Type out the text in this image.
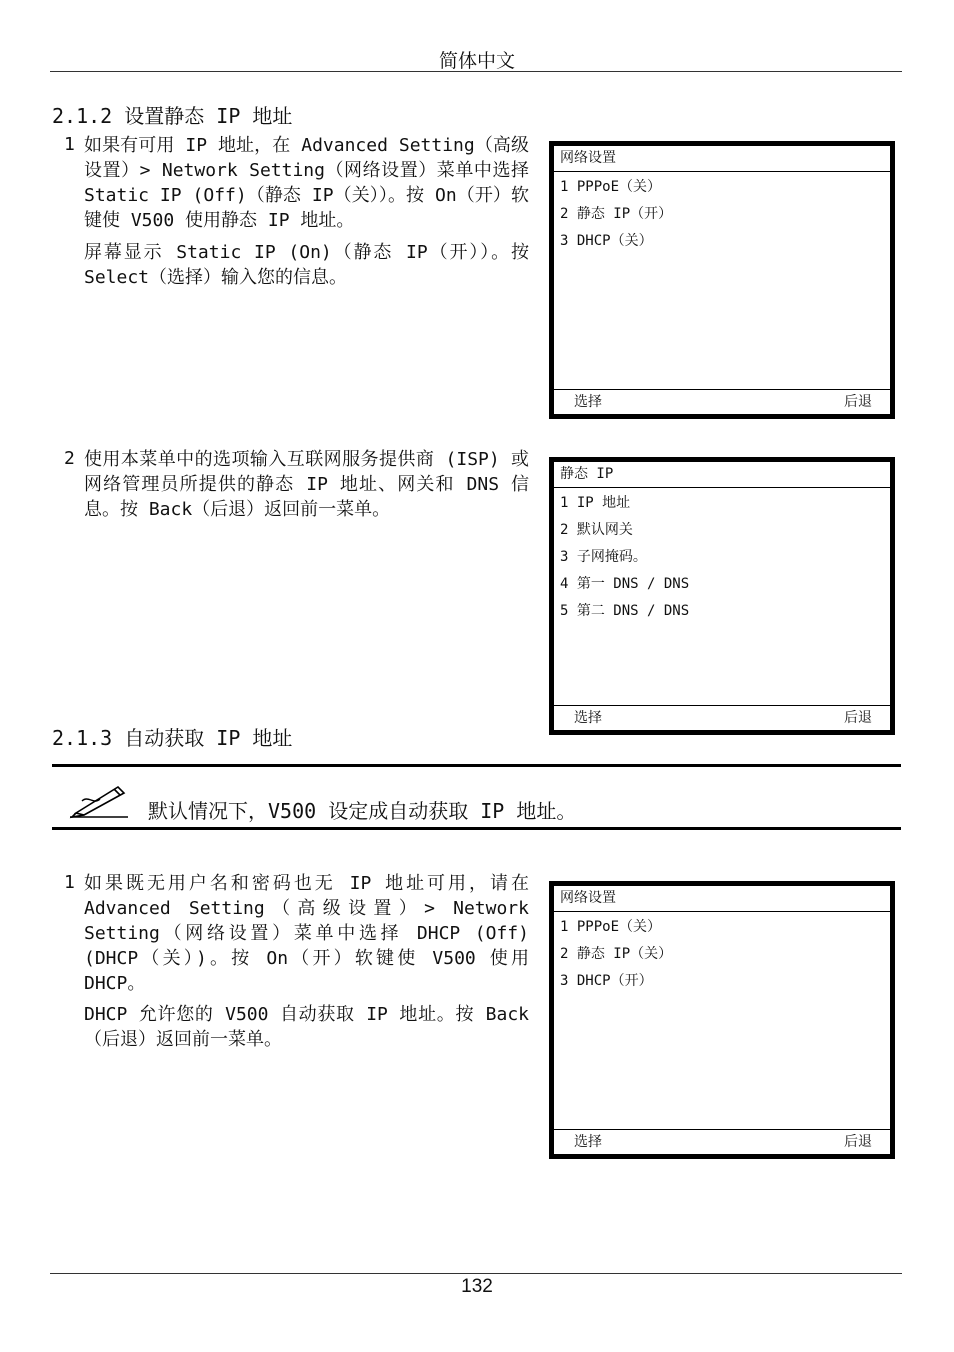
简体中文
2.1.2 设置静态 IP 地址
1 如果有可用 IP 地址，在 Advanced Setting（高级设置）> Network Setting（网络设置）菜单中选择 Static IP (Off)（静态 IP（关））。按 On（开）软键使 V500 使用静态 IP 地址。
屏幕显示 Static IP (On)（静态 IP（开））。按 Select（选择）输入您的信息。
网络设置
1 PPPoE（关）
2 静态 IP（开）
3 DHCP（关）
选择	后退
2 使用本菜单中的选项输入互联网服务提供商 (ISP) 或网络管理员所提供的静态 IP 地址、网关和 DNS 信息。按 Back（后退）返回前一菜单。
静态 IP
1 IP 地址
2 默认网关
3 子网掩码。
4 第一 DNS / DNS
5 第二 DNS / DNS
选择	后退
2.1.3 自动获取 IP 地址
默认情况下，V500 设定成自动获取 IP 地址。
1 如果既无用户名和密码也无 IP 地址可用，请在 Advanced Setting（高级设置）> Network Setting（网络设置）菜单中选择 DHCP (Off)(DHCP（关）)。按 On（开）软键使 V500 使用 DHCP。
DHCP 允许您的 V500 自动获取 IP 地址。按 Back（后退）返回前一菜单。
网络设置
1 PPPoE（关）
2 静态 IP（关）
3 DHCP（开）
选择	后退
132
